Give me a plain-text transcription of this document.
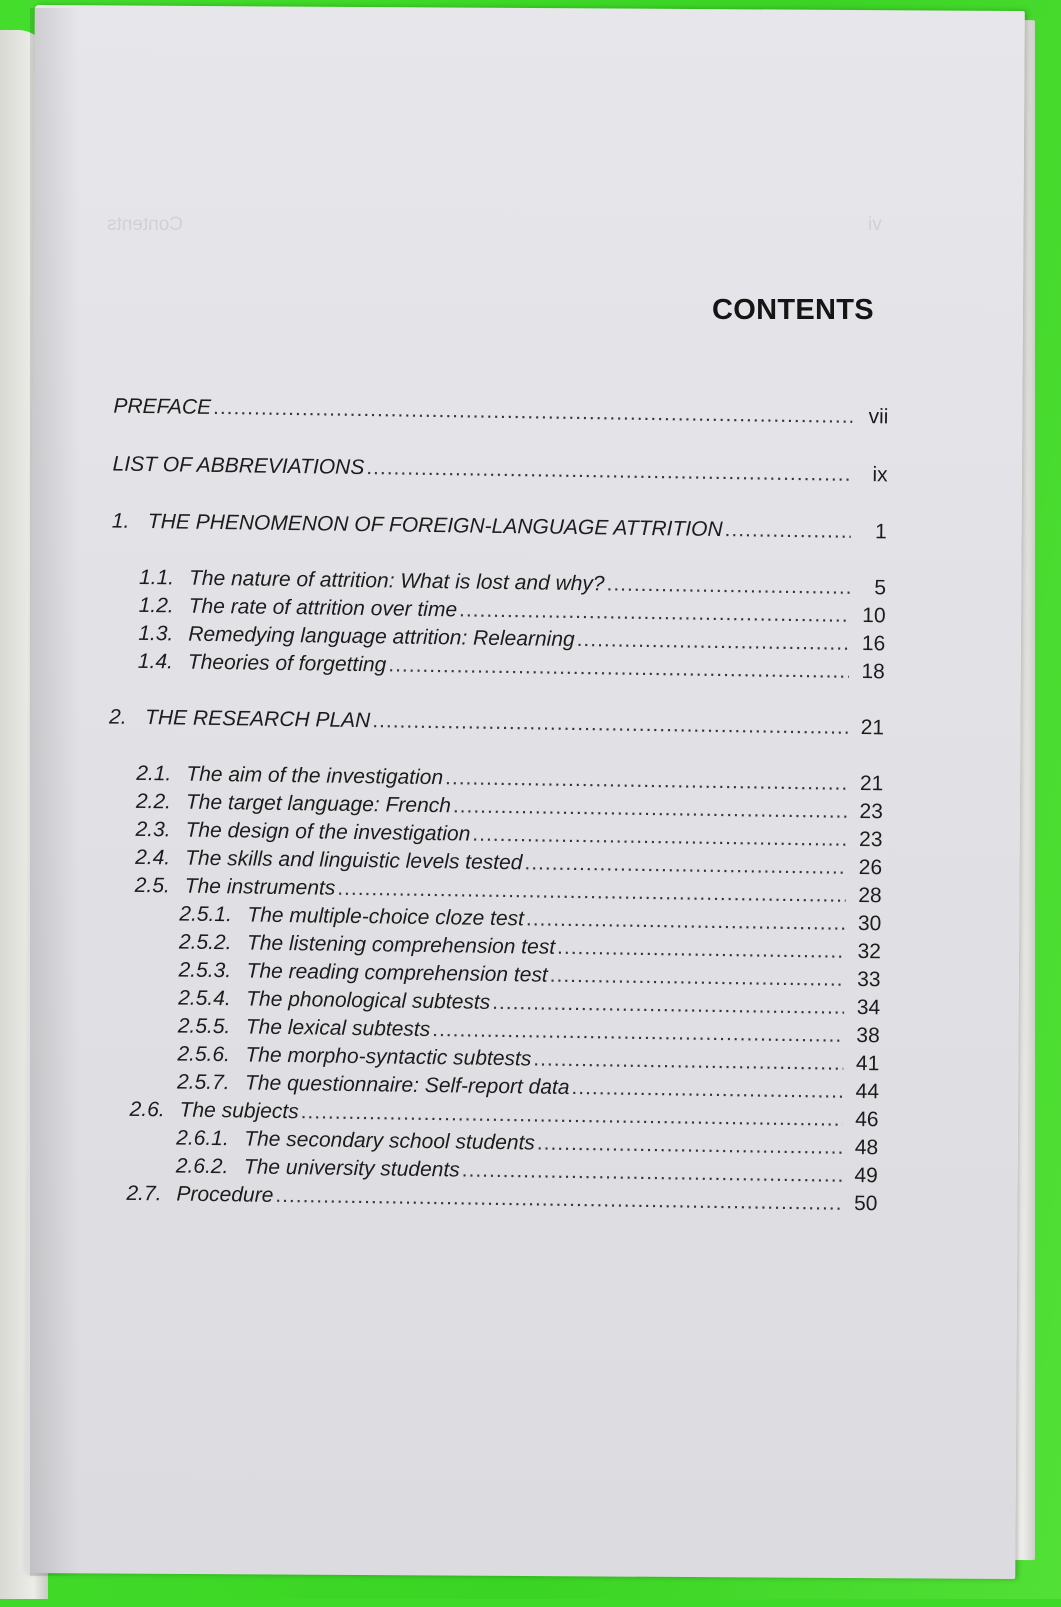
Contents	vi
CONTENTS
PREFACE .....	vii
LIST OF ABBREVIATIONS .....	ix
1. THE PHENOMENON OF FOREIGN-LANGUAGE ATTRITION .....	1
1.1. The nature of attrition: What is lost and why? .....	5
1.2. The rate of attrition over time .....	10
1.3. Remedying language attrition: Relearning .....	16
1.4. Theories of forgetting .....	18
2. THE RESEARCH PLAN .....	21
2.1. The aim of the investigation .....	21
2.2. The target language: French .....	23
2.3. The design of the investigation .....	23
2.4. The skills and linguistic levels tested .....	26
2.5. The instruments .....	28
2.5.1. The multiple-choice cloze test .....	30
2.5.2. The listening comprehension test .....	32
2.5.3. The reading comprehension test .....	33
2.5.4. The phonological subtests .....	34
2.5.5. The lexical subtests .....	38
2.5.6. The morpho-syntactic subtests .....	41
2.5.7. The questionnaire: Self-report data .....	44
2.6. The subjects .....	46
2.6.1. The secondary school students .....	48
2.6.2. The university students .....	49
2.7. Procedure .....	50
